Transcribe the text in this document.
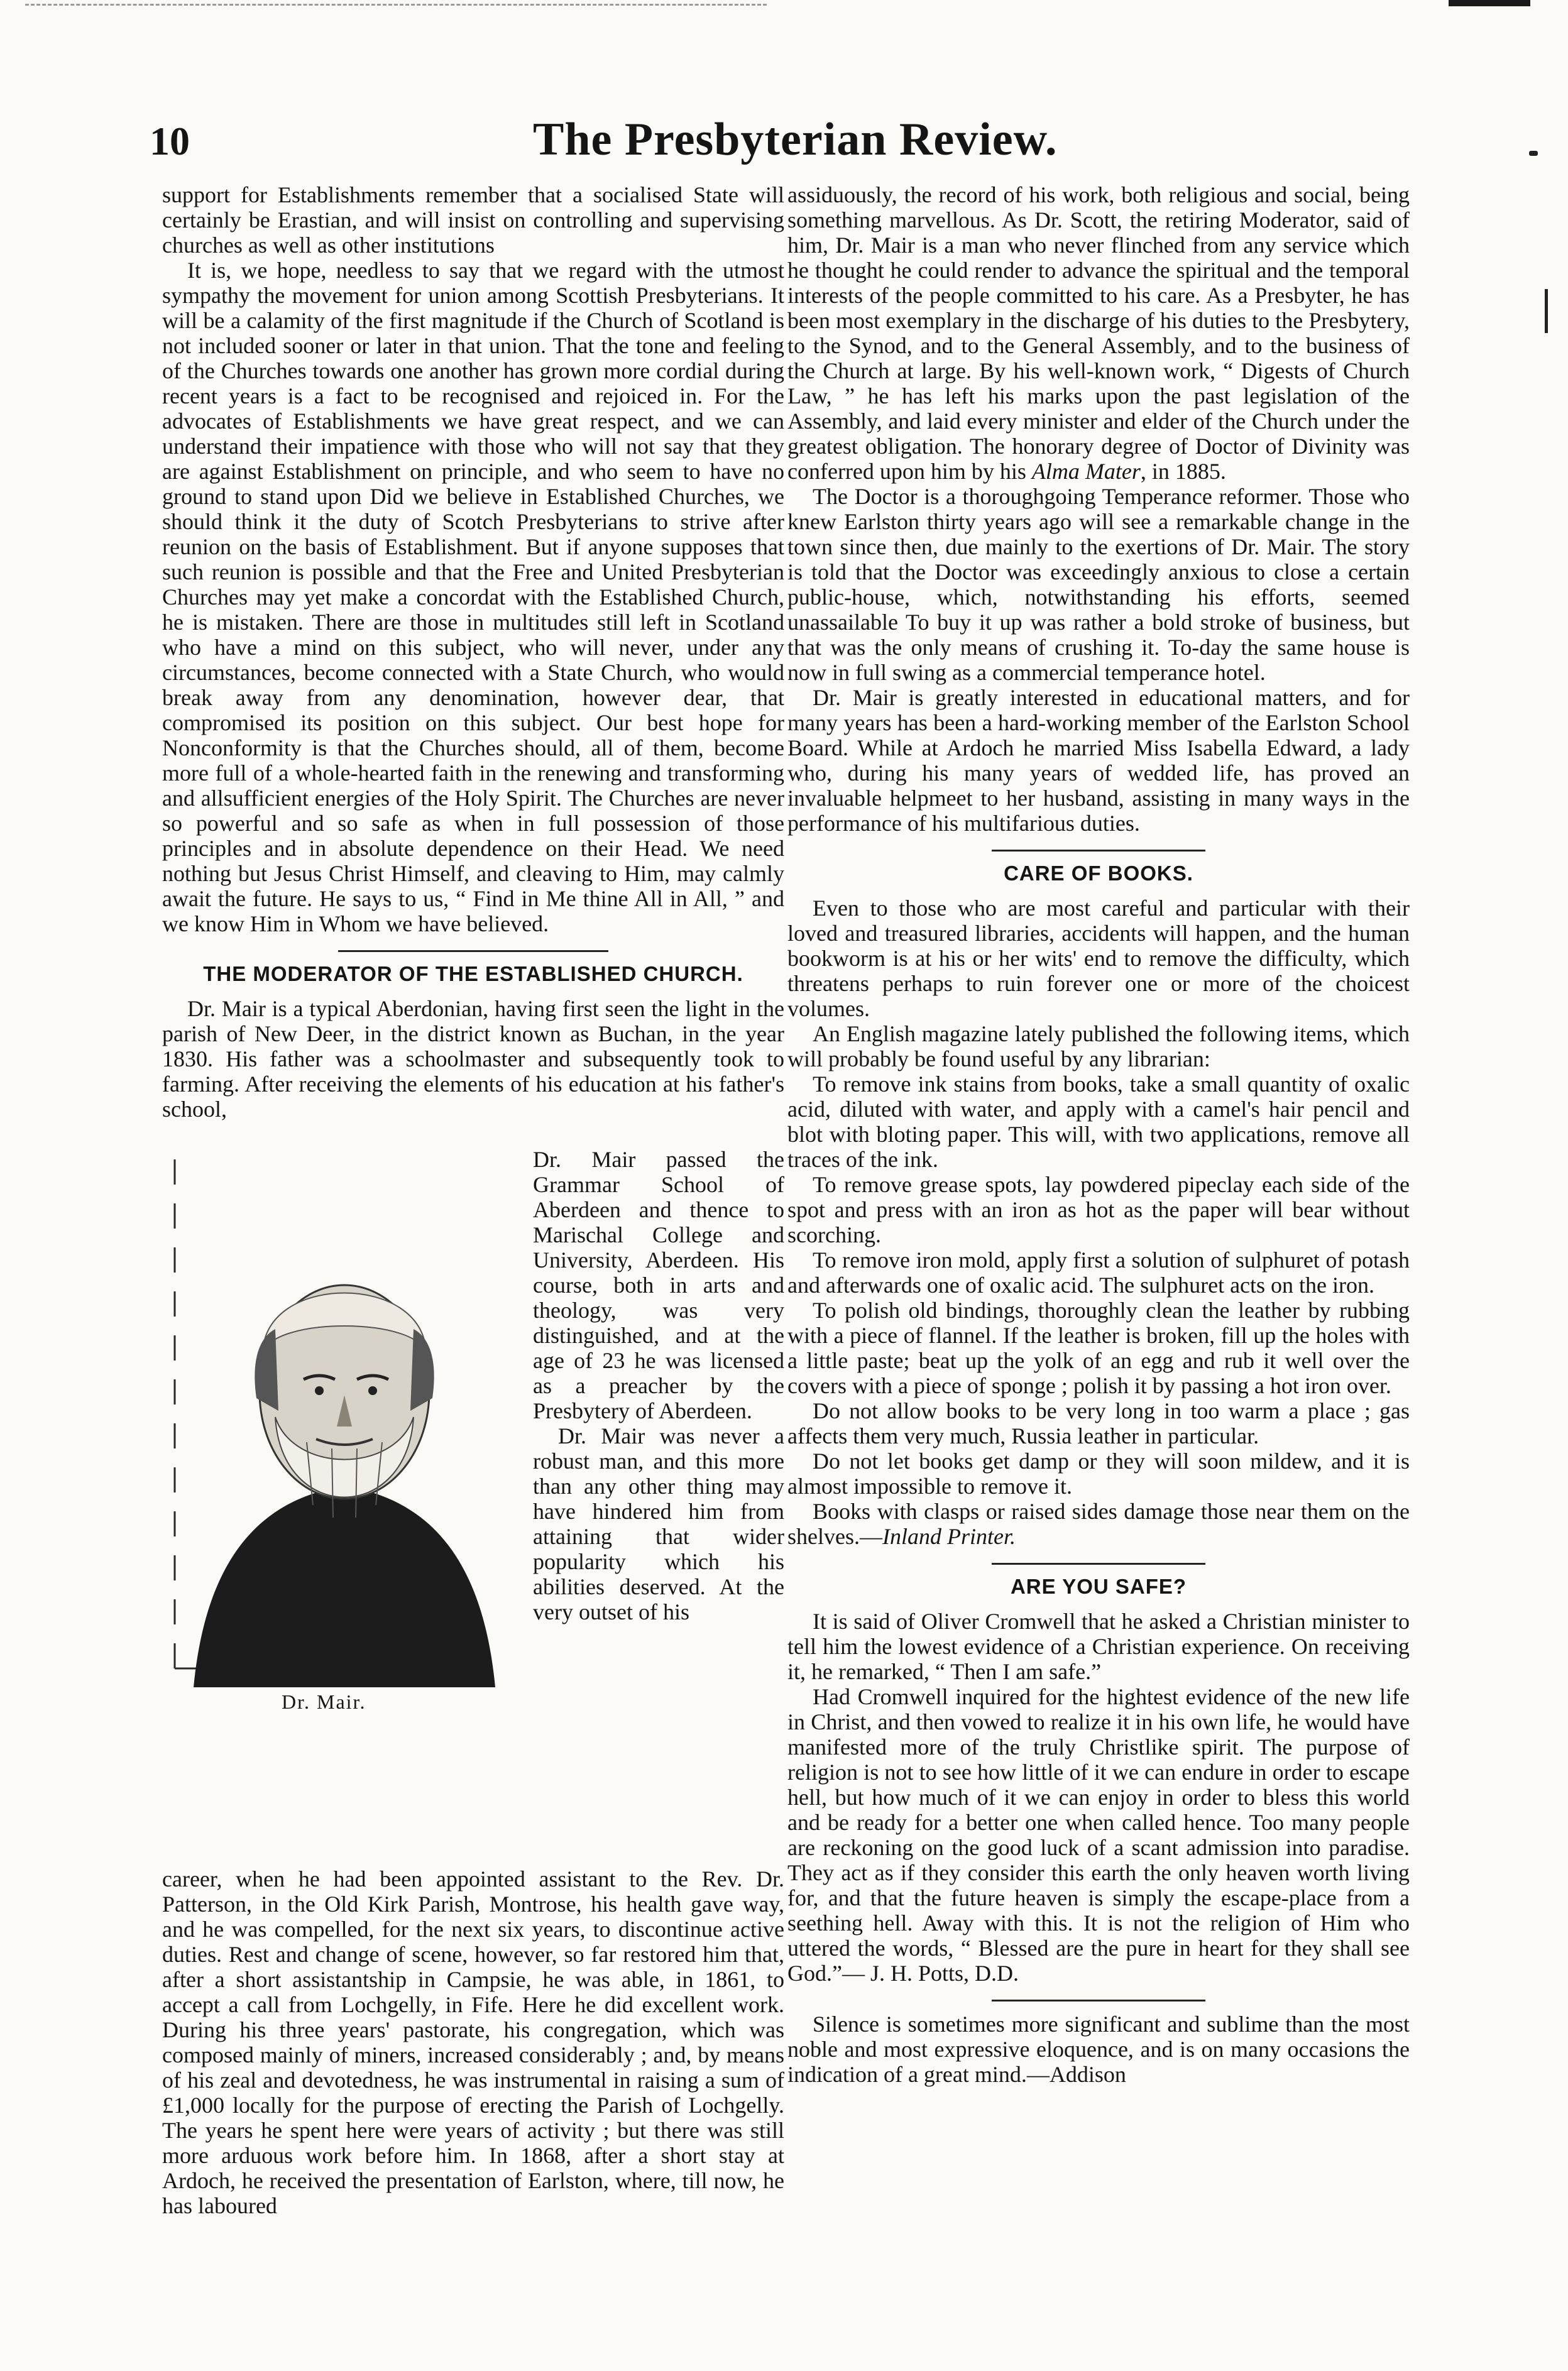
10	The Presbyterian Review.

support for Establishments remember that a socialised State will certainly be Erastian, and will insist on controlling and supervising churches as well as other institutions

It is, we hope, needless to say that we regard with the utmost sympathy the movement for union among Scottish Presbyterians. It will be a calamity of the first magnitude if the Church of Scotland is not included sooner or later in that union. That the tone and feeling of the Churches towards one another has grown more cordial during recent years is a fact to be recognised and rejoiced in. For the advocates of Establishments we have great respect, and we can understand their impatience with those who will not say that they are against Establishment on principle, and who seem to have no ground to stand upon Did we believe in Established Churches, we should think it the duty of Scotch Presbyterians to strive after reunion on the basis of Establishment. But if anyone supposes that such reunion is possible and that the Free and United Presbyterian Churches may yet make a concordat with the Established Church, he is mistaken. There are those in multitudes still left in Scotland who have a mind on this subject, who will never, under any circumstances, become connected with a State Church, who would break away from any denomination, however dear, that compromised its position on this subject. Our best hope for Nonconformity is that the Churches should, all of them, become more full of a whole-hearted faith in the renewing and transforming and allsufficient energies of the Holy Spirit. The Churches are never so powerful and so safe as when in full possession of those principles and in absolute dependence on their Head. We need nothing but Jesus Christ Himself, and cleaving to Him, may calmly await the future. He says to us, “ Find in Me thine All in All, ” and we know Him in Whom we have believed.

THE MODERATOR OF THE ESTABLISHED CHURCH.

Dr. Mair is a typical Aberdonian, having first seen the light in the parish of New Deer, in the district known as Buchan, in the year 1830. His father was a schoolmaster and subsequently took to farming. After receiving the elements of his education at his father's school,

Dr. Mair.

Dr. Mair passed the Grammar School of Aberdeen and thence to Marischal College and University, Aberdeen. His course, both in arts and theology, was very distinguished, and at the age of 23 he was licensed as a preacher by the Presbytery of Aberdeen.

Dr. Mair was never a robust man, and this more than any other thing may have hindered him from attaining that wider popularity which his abilities deserved. At the very outset of his

career, when he had been appointed assistant to the Rev. Dr. Patterson, in the Old Kirk Parish, Montrose, his health gave way, and he was compelled, for the next six years, to discontinue active duties. Rest and change of scene, however, so far restored him that, after a short assistantship in Campsie, he was able, in 1861, to accept a call from Lochgelly, in Fife. Here he did excellent work. During his three years' pastorate, his congregation, which was composed mainly of miners, increased considerably ; and, by means of his zeal and devotedness, he was instrumental in raising a sum of £1,000 locally for the purpose of erecting the Parish of Lochgelly. The years he spent here were years of activity ; but there was still more arduous work before him. In 1868, after a short stay at Ardoch, he received the presentation of Earlston, where, till now, he has laboured

assiduously, the record of his work, both religious and social, being something marvellous. As Dr. Scott, the retiring Moderator, said of him, Dr. Mair is a man who never flinched from any service which he thought he could render to advance the spiritual and the temporal interests of the people committed to his care. As a Presbyter, he has been most exemplary in the discharge of his duties to the Presbytery, to the Synod, and to the General Assembly, and to the business of the Church at large. By his well-known work, “ Digests of Church Law, ” he has left his marks upon the past legislation of the Assembly, and laid every minister and elder of the Church under the greatest obligation. The honorary degree of Doctor of Divinity was conferred upon him by his Alma Mater, in 1885.

The Doctor is a thoroughgoing Temperance reformer. Those who knew Earlston thirty years ago will see a remarkable change in the town since then, due mainly to the exertions of Dr. Mair. The story is told that the Doctor was exceedingly anxious to close a certain public-house, which, notwithstanding his efforts, seemed unassailable To buy it up was rather a bold stroke of business, but that was the only means of crushing it. To-day the same house is now in full swing as a commercial temperance hotel.

Dr. Mair is greatly interested in educational matters, and for many years has been a hard-working member of the Earlston School Board. While at Ardoch he married Miss Isabella Edward, a lady who, during his many years of wedded life, has proved an invaluable helpmeet to her husband, assisting in many ways in the performance of his multifarious duties.

CARE OF BOOKS.

Even to those who are most careful and particular with their loved and treasured libraries, accidents will happen, and the human bookworm is at his or her wits' end to remove the difficulty, which threatens perhaps to ruin forever one or more of the choicest volumes.

An English magazine lately published the following items, which will probably be found useful by any librarian:

To remove ink stains from books, take a small quantity of oxalic acid, diluted with water, and apply with a camel's hair pencil and blot with bloting paper. This will, with two applications, remove all traces of the ink.

To remove grease spots, lay powdered pipeclay each side of the spot and press with an iron as hot as the paper will bear without scorching.

To remove iron mold, apply first a solution of sulphuret of potash and afterwards one of oxalic acid. The sulphuret acts on the iron.

To polish old bindings, thoroughly clean the leather by rubbing with a piece of flannel. If the leather is broken, fill up the holes with a little paste; beat up the yolk of an egg and rub it well over the covers with a piece of sponge ; polish it by passing a hot iron over.

Do not allow books to be very long in too warm a place ; gas affects them very much, Russia leather in particular.

Do not let books get damp or they will soon mildew, and it is almost impossible to remove it.

Books with clasps or raised sides damage those near them on the shelves.—Inland Printer.

ARE YOU SAFE?

It is said of Oliver Cromwell that he asked a Christian minister to tell him the lowest evidence of a Christian experience. On receiving it, he remarked, “ Then I am safe.”

Had Cromwell inquired for the hightest evidence of the new life in Christ, and then vowed to realize it in his own life, he would have manifested more of the truly Christlike spirit. The purpose of religion is not to see how little of it we can endure in order to escape hell, but how much of it we can enjoy in order to bless this world and be ready for a better one when called hence. Too many people are reckoning on the good luck of a scant admission into paradise. They act as if they consider this earth the only heaven worth living for, and that the future heaven is simply the escape-place from a seething hell. Away with this. It is not the religion of Him who uttered the words, “ Blessed are the pure in heart for they shall see God.”— J. H. Potts, D.D.

Silence is sometimes more significant and sublime than the most noble and most expressive eloquence, and is on many occasions the indication of a great mind.—Addison
